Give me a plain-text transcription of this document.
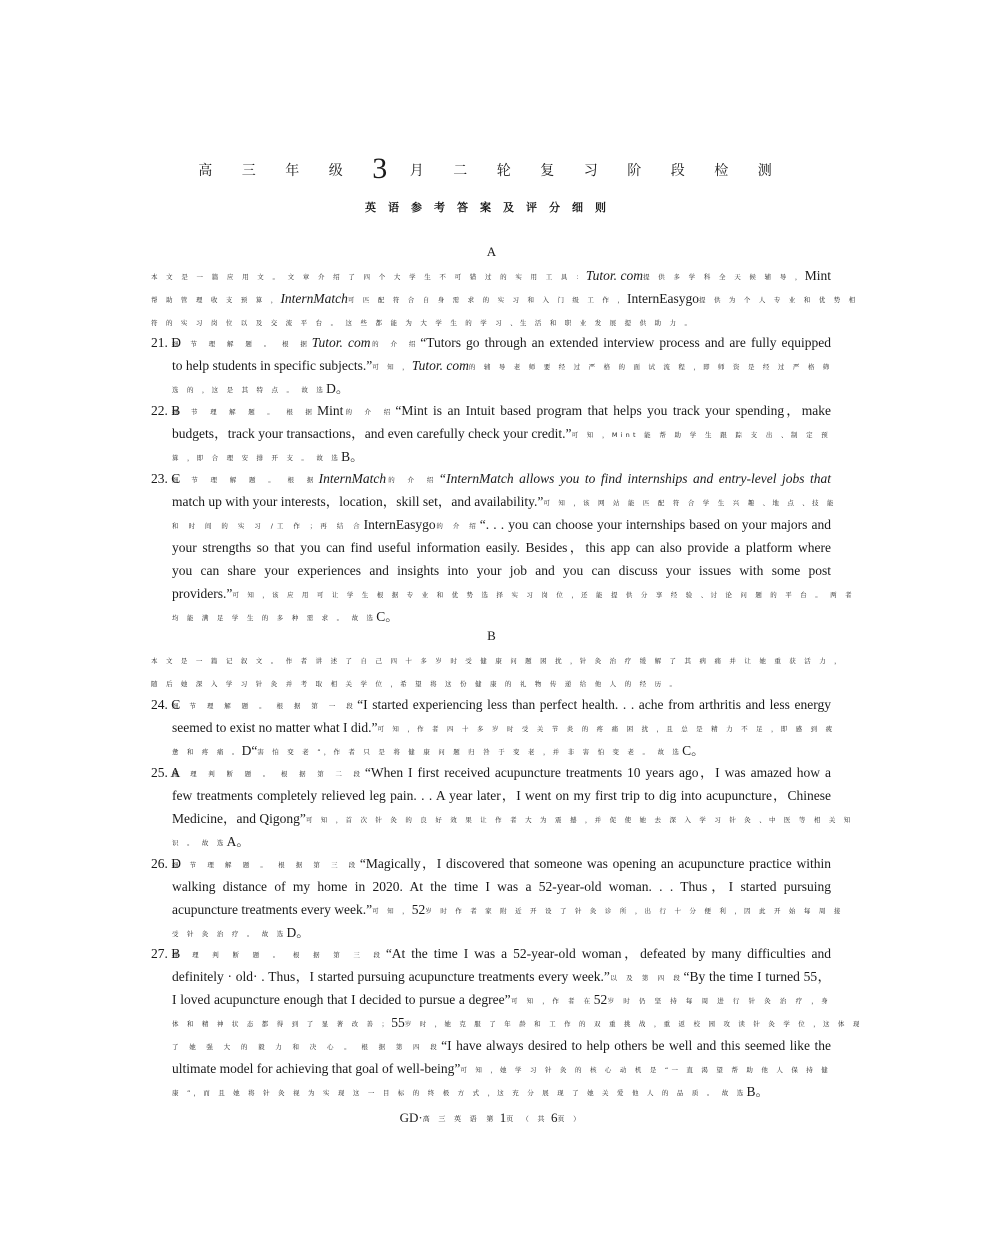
高 三 年 级 3 月 二 轮 复 习 阶 段 检 测
英语参考答案及评分细则
A
本 文 是 一 篇 应 用 文 。 文 章 介 绍 了 四 个 大 学 生 不 可 错 过 的 实 用 工 具 ：Tutor. com提 供 多 学 科 全 天 候 辅 导 ，Mint
帮 助 管 理 收 支 预 算 ，InternMatch可 匹 配 符 合 自 身 需 求 的 实 习 和 入 门 级 工 作 ，InternEasygo提 供 为 个 人 专 业 和 优 势 相
符 的 实 习 岗 位 以 及 交 流 平 台 。 这 些 都 能 为 大 学 生 的 学 习 、生 活 和 职 业 发 展 提 供 助 力 。
21. D
细 节 理 解 题 。 根 据Tutor. com的 介 绍“Tutors go through an extended interview process and are fully equipped
to help students in specific subjects.”可 知 ，Tutor. com的 辅 导 老 师 要 经 过 严 格 的 面 试 流 程 ，即 师 资 是 经 过 严 格 筛
选 的 ，这 是 其 特 点 。 故 选D。
22. B
细 节 理 解 题 。 根 据Mint的 介 绍“Mint is an Intuit based program that helps you track your spending，make
budgets，track your transactions，and even carefully check your credit.”可 知 ，Mint 能 帮 助 学 生 跟 踪 支 出 、制 定 预
算 ，即 合 理 安 排 开 支 。 故 选B。
23. C
细 节 理 解 题 。 根 据InternMatch的 介 绍“InternMatch allows you to find internships and entry-level jobs that
match up with your interests，location，skill set，and availability.”可 知 ，该 网 站 能 匹 配 符 合 学 生 兴 趣 、地 点 、技 能
和 时 间 的 实 习 /工 作 ；再 结 合InternEasygo的 介 绍“. . . you can choose your internships based on your majors and
your strengths so that you can find useful information easily. Besides，this app can also provide a platform where
you can share your experiences and insights into your job and you can discuss your issues with some post
providers.”可 知 ，该 应 用 可 让 学 生 根 据 专 业 和 优 势 选 择 实 习 岗 位 ，还 能 提 供 分 享 经 验 、讨 论 问 题 的 平 台 。 两 者
均 能 满 足 学 生 的 多 种 需 求 。 故 选C。
B
本 文 是 一 篇 记 叙 文 。 作 者 讲 述 了 自 己 四 十 多 岁 时 受 健 康 问 题 困 扰 ，针 灸 治 疗 缓 解 了 其 病 痛 并 让 她 重 获 活 力 ，
随 后 她 深 入 学 习 针 灸 并 考 取 相 关 学 位 ，希 望 将 这 份 健 康 的 礼 物 传 递 给 他 人 的 经 历 。
24. C
细 节 理 解 题 。 根 据 第 一 段“I started experiencing less than perfect health. . . ache from arthritis and less energy
seemed to exist no matter what I did.”可 知 ，作 者 四 十 多 岁 时 受 关 节 炎 的 疼 痛 困 扰 ，且 总 是 精 力 不 足 ，即 感 到 疲
惫 和 疼 痛 。D“害 怕 变 老 ”，作 者 只 是 将 健 康 问 题 归 咎 于 变 老 ，并 非 害 怕 变 老 。 故 选C。
25. A
推 理 判 断 题 。 根 据 第 二 段“When I first received acupuncture treatments 10 years ago，I was amazed how a
few treatments completely relieved leg pain. . . A year later，I went on my first trip to dig into acupuncture，Chinese
Medicine，and Qigong”可 知 ，首 次 针 灸 的 良 好 效 果 让 作 者 大 为 震 撼 ，并 促 使 她 去 深 入 学 习 针 灸 、中 医 等 相 关 知
识 。 故 选A。
26. D
细 节 理 解 题 。 根 据 第 三 段“Magically，I discovered that someone was opening an acupuncture practice within
walking distance of my home in 2020. At the time I was a 52-year-old woman. . . Thus，I started pursuing
acupuncture treatments every week.”可 知 ，52岁 时 作 者 家 附 近 开 设 了 针 灸 诊 所 ，出 行 十 分 便 利 ，因 此 开 始 每 周 接
受 针 灸 治 疗 。 故 选D。
27. B
推 理 判 断 题 。 根 据 第 三 段“At the time I was a 52-year-old woman，defeated by many difficulties and
definitely · old· . Thus，I started pursuing acupuncture treatments every week.”以 及 第 四 段“By the time I turned 55，
I loved acupuncture enough that I decided to pursue a degree”可 知 ，作 者 在52岁 时 仍 坚 持 每 周 进 行 针 灸 治 疗 ，身
体 和 精 神 状 态 都 得 到 了 显 著 改 善 ；55岁 时 ，她 克 服 了 年 龄 和 工 作 的 双 重 挑 战 ，重 返 校 园 攻 读 针 灸 学 位 ，这 体 现
了 她 强 大 的 毅 力 和 决 心 。 根 据 第 四 段“I have always desired to help others be well and this seemed like the
ultimate model for achieving that goal of well-being”可 知 ，她 学 习 针 灸 的 核 心 动 机 是 “一 直 渴 望 帮 助 他 人 保 持 健
康 ”，而 且 她 将 针 灸 视 为 实 现 这 一 目 标 的 终 极 方 式 ，这 充 分 展 现 了 她 关 爱 他 人 的 品 质 。 故 选B。
GD·高 三 英 语 第 1页 （ 共 6页 ）
